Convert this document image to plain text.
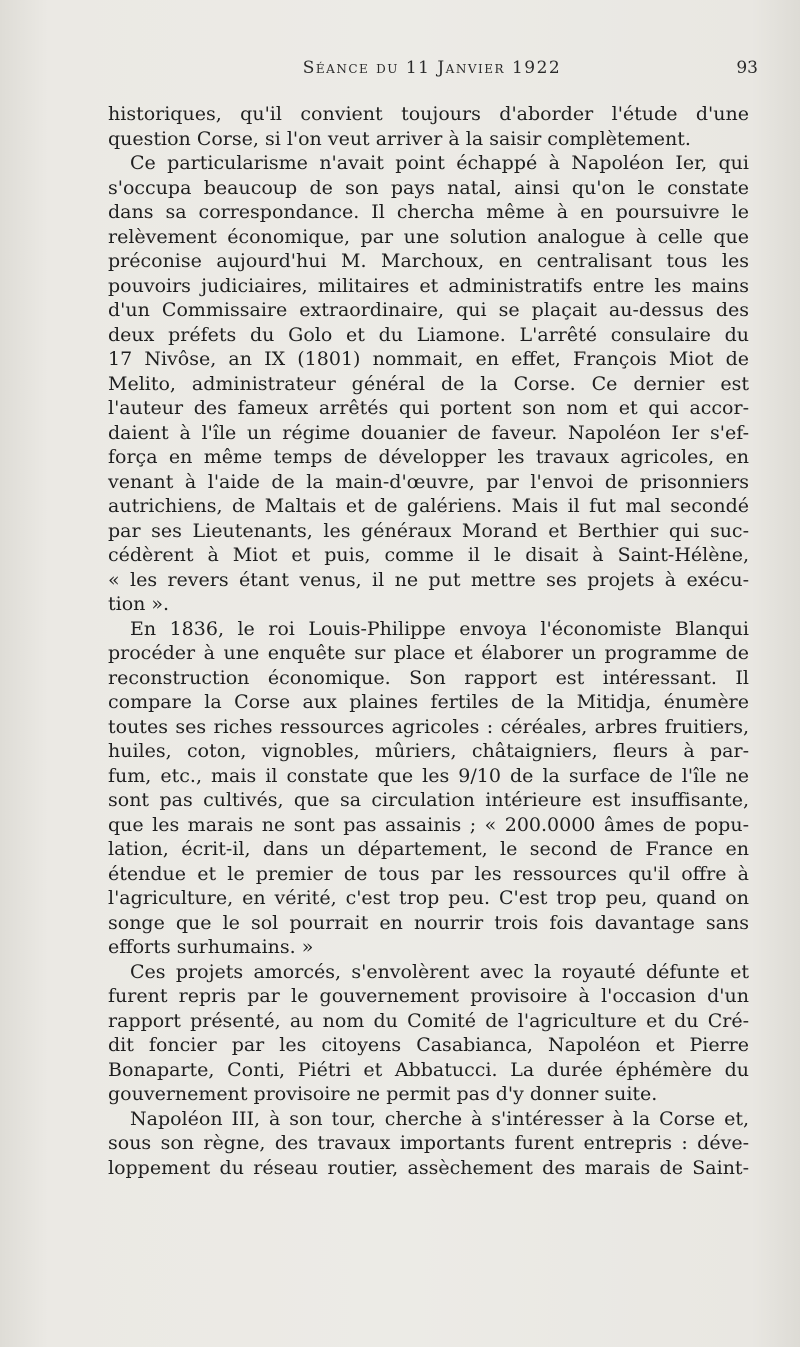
Séance du 11 Janvier 1922	93
historiques, qu'il convient toujours d'aborder l'étude d'une
question Corse, si l'on veut arriver à la saisir complètement.
Ce particularisme n'avait point échappé à Napoléon Ier, qui
s'occupa beaucoup de son pays natal, ainsi qu'on le constate
dans sa correspondance. Il chercha même à en poursuivre le
relèvement économique, par une solution analogue à celle que
préconise aujourd'hui M. Marchoux, en centralisant tous les
pouvoirs judiciaires, militaires et administratifs entre les mains
d'un Commissaire extraordinaire, qui se plaçait au-dessus des
deux préfets du Golo et du Liamone. L'arrêté consulaire du
17 Nivôse, an IX (1801) nommait, en effet, François Miot de
Melito, administrateur général de la Corse. Ce dernier est
l'auteur des fameux arrêtés qui portent son nom et qui accor-
daient à l'île un régime douanier de faveur. Napoléon Ier s'ef-
força en même temps de développer les travaux agricoles, en
venant à l'aide de la main-d'œuvre, par l'envoi de prisonniers
autrichiens, de Maltais et de galériens. Mais il fut mal secondé
par ses Lieutenants, les généraux Morand et Berthier qui suc-
cédèrent à Miot et puis, comme il le disait à Saint-Hélène,
« les revers étant venus, il ne put mettre ses projets à exécu-
tion ».
En 1836, le roi Louis-Philippe envoya l'économiste Blanqui
procéder à une enquête sur place et élaborer un programme de
reconstruction économique. Son rapport est intéressant. Il
compare la Corse aux plaines fertiles de la Mitidja, énumère
toutes ses riches ressources agricoles : céréales, arbres fruitiers,
huiles, coton, vignobles, mûriers, châtaigniers, fleurs à par-
fum, etc., mais il constate que les 9/10 de la surface de l'île ne
sont pas cultivés, que sa circulation intérieure est insuffisante,
que les marais ne sont pas assainis ; « 200.0000 âmes de popu-
lation, écrit-il, dans un département, le second de France en
étendue et le premier de tous par les ressources qu'il offre à
l'agriculture, en vérité, c'est trop peu. C'est trop peu, quand on
songe que le sol pourrait en nourrir trois fois davantage sans
efforts surhumains. »
Ces projets amorcés, s'envolèrent avec la royauté défunte et
furent repris par le gouvernement provisoire à l'occasion d'un
rapport présenté, au nom du Comité de l'agriculture et du Cré-
dit foncier par les citoyens Casabianca, Napoléon et Pierre
Bonaparte, Conti, Piétri et Abbatucci. La durée éphémère du
gouvernement provisoire ne permit pas d'y donner suite.
Napoléon III, à son tour, cherche à s'intéresser à la Corse et,
sous son règne, des travaux importants furent entrepris : déve-
loppement du réseau routier, assèchement des marais de Saint-
